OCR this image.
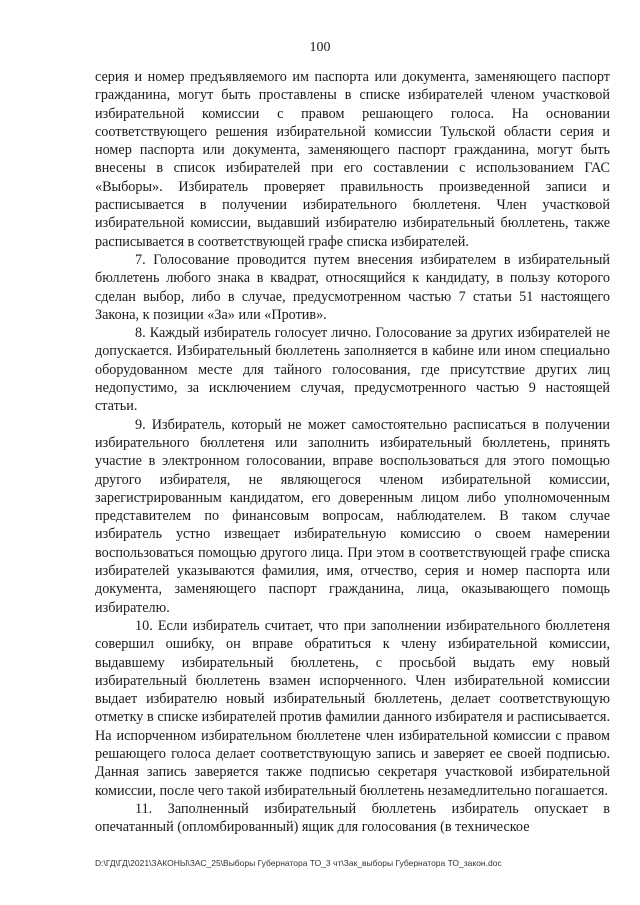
100

серия и номер предъявляемого им паспорта или документа, заменяющего паспорт гражданина, могут быть проставлены в списке избирателей членом участковой избирательной комиссии с правом решающего голоса. На основании соответствующего решения избирательной комиссии Тульской области серия и номер паспорта или документа, заменяющего паспорт гражданина, могут быть внесены в список избирателей при его составлении с использованием ГАС «Выборы». Избиратель проверяет правильность произведенной записи и расписывается в получении избирательного бюллетеня. Член участковой избирательной комиссии, выдавший избирателю избирательный бюллетень, также расписывается в соответствующей графе списка избирателей.

7. Голосование проводится путем внесения избирателем в избирательный бюллетень любого знака в квадрат, относящийся к кандидату, в пользу которого сделан выбор, либо в случае, предусмотренном частью 7 статьи 51 настоящего Закона, к позиции «За» или «Против».

8. Каждый избиратель голосует лично. Голосование за других избирателей не допускается. Избирательный бюллетень заполняется в кабине или ином специально оборудованном месте для тайного голосования, где присутствие других лиц недопустимо, за исключением случая, предусмотренного частью 9 настоящей статьи.

9. Избиратель, который не может самостоятельно расписаться в получении избирательного бюллетеня или заполнить избирательный бюллетень, принять участие в электронном голосовании, вправе воспользоваться для этого помощью другого избирателя, не являющегося членом избирательной комиссии, зарегистрированным кандидатом, его доверенным лицом либо уполномоченным представителем по финансовым вопросам, наблюдателем. В таком случае избиратель устно извещает избирательную комиссию о своем намерении воспользоваться помощью другого лица. При этом в соответствующей графе списка избирателей указываются фамилия, имя, отчество, серия и номер паспорта или документа, заменяющего паспорт гражданина, лица, оказывающего помощь избирателю.

10. Если избиратель считает, что при заполнении избирательного бюллетеня совершил ошибку, он вправе обратиться к члену избирательной комиссии, выдавшему избирательный бюллетень, с просьбой выдать ему новый избирательный бюллетень взамен испорченного. Член избирательной комиссии выдает избирателю новый избирательный бюллетень, делает соответствующую отметку в списке избирателей против фамилии данного избирателя и расписывается. На испорченном избирательном бюллетене член избирательной комиссии с правом решающего голоса делает соответствующую запись и заверяет ее своей подписью. Данная запись заверяется также подписью секретаря участковой избирательной комиссии, после чего такой избирательный бюллетень незамедлительно погашается.

11. Заполненный избирательный бюллетень избиратель опускает в опечатанный (опломбированный) ящик для голосования (в техническое

D:\ГД\ГД\2021\ЗАКОНЫ\ЗАС_25\Выборы Губернатора ТО_3 чт\Зак_выборы Губернатора ТО_закон.doc
